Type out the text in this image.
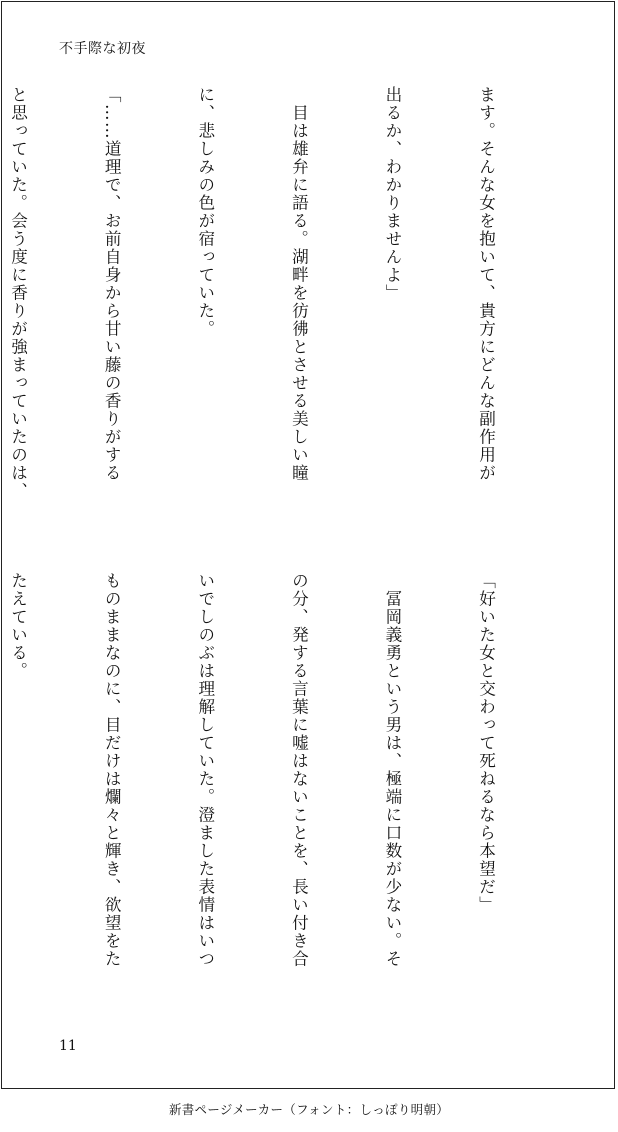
不手際な初夜

ます。そんな女を抱いて、貴方にどんな副作用が

出るか、わかりませんよ」

　目は雄弁に語る。湖畔を彷彿とさせる美しい瞳

に、悲しみの色が宿っていた。

「……道理で、お前自身から甘い藤の香りがする

と思っていた。会う度に香りが強まっていたのは、

「好いた女と交わって死ねるなら本望だ」

　冨岡義勇という男は、極端に口数が少ない。そ

の分、発する言葉に嘘はないことを、長い付き合

いでしのぶは理解していた。澄ました表情はいつ

ものままなのに、目だけは爛々と輝き、欲望をた

たえている。

11
新書ページメーカー（フォント：しっぽり明朝）
